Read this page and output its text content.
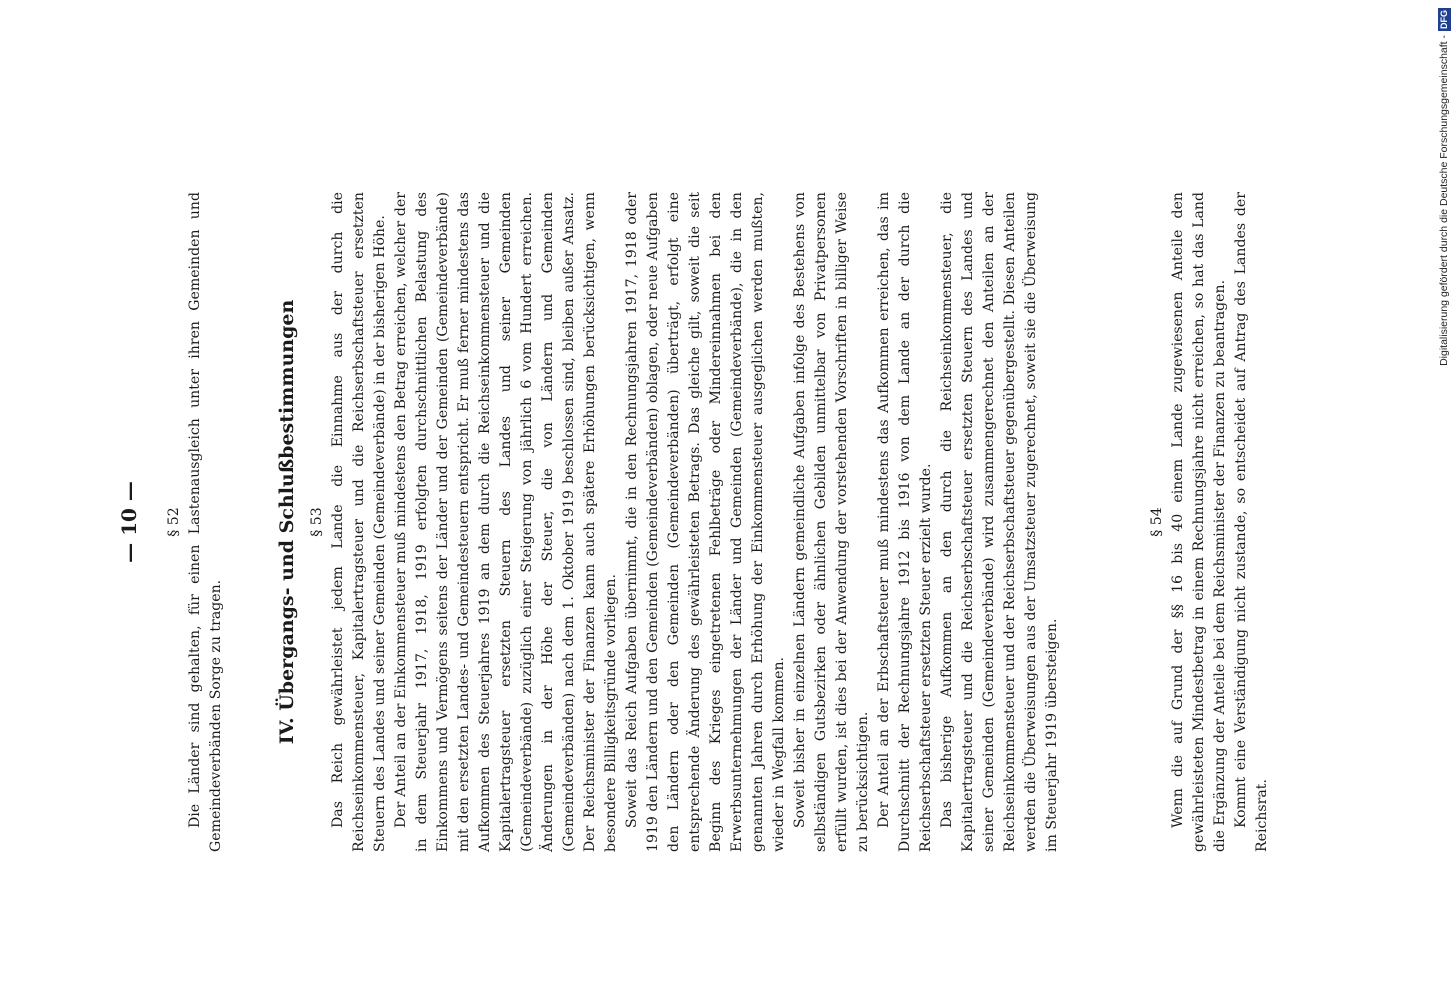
— 10 — § 52 Die Länder sind gehalten, für einen Lastenausgleich unter ihren Gemeinden und Gemeindeverbänden Sorge zu tragen.	IV. Übergangs- und Schlußbestimmungen § 53 Das Reich gewährleistet jedem Lande die Einnahme aus der durch die Reichseinkommensteuer, Kapitalertragsteuer und die Reichserbschaftsteuer ersetzten Steuern des Landes und seiner Gemeinden (Gemeindeverbände) in der bisherigen Höhe. Der Anteil an der Einkommensteuer muß mindestens den Betrag erreichen, welcher der in dem Steuerjahr 1917, 1918, 1919 erfolgten durchschnittlichen Belastung des Einkommens und Vermögens seitens der Länder und der Gemeinden (Gemeindeverbände) mit den ersetzten Landes- und Gemeindesteuern entspricht. Er muß ferner mindestens das Aufkommen des Steuerjahres 1919 an dem durch die Reichseinkommensteuer und die Kapitalertragsteuer ersetzten Steuern des Landes und seiner Gemeinden (Gemeindeverbände) zuzüglich einer Steigerung von jährlich 6 vom Hundert erreichen. Änderungen in der Höhe der Steuer, die von Ländern und Gemeinden (Gemeindeverbänden) nach dem 1. Oktober 1919 beschlossen sind, bleiben außer Ansatz. Der Reichsminister der Finanzen kann auch spätere Erhöhungen berücksichtigen, wenn besondere Billigkeitsgründe vorliegen. Soweit das Reich Aufgaben übernimmt, die in den Rechnungsjahren 1917, 1918 oder 1919 den Ländern und den Gemeinden (Gemeindeverbänden) oblagen, oder neue Aufgaben den Ländern oder den Gemeinden (Gemeindeverbänden) überträgt, erfolgt eine entsprechende Änderung des gewährleisteten Betrags. Das gleiche gilt, soweit die seit Beginn des Krieges eingetretenen Fehlbeträge oder Mindereinnahmen bei den Erwerbsunternehmungen der Länder und Gemeinden (Gemeindeverbände), die in den genannten Jahren durch Erhöhung der Einkommensteuer ausgeglichen werden mußten, wieder in Wegfall kommen. Soweit bisher in einzelnen Ländern gemeindliche Aufgaben infolge des Bestehens von selbständigen Gutsbezirken oder ähnlichen Gebilden unmittelbar von Privatpersonen erfüllt wurden, ist dies bei der Anwendung der vorstehenden Vorschriften in billiger Weise zu berücksichtigen. Der Anteil an der Erbschaftsteuer muß mindestens das Aufkommen erreichen, das im Durchschnitt der Rechnungsjahre 1912 bis 1916 von dem Lande an der durch die Reichserbschaftsteuer ersetzten Steuer erzielt wurde. Das bisherige Aufkommen an den durch die Reichseinkommensteuer, die Kapitalertragsteuer und die Reichserbschaftsteuer ersetzten Steuern des Landes und seiner Gemeinden (Gemeindeverbände) wird zusammengerechnet den Anteilen an der Reichseinkommensteuer und der Reichserbschaftsteuer gegenübergestellt. Diesen Anteilen werden die Überweisungen aus der Umsatzsteuer zugerechnet, soweit sie die Überweisung im Steuerjahr 1919 übersteigen.

§ 54 Wenn die auf Grund der §§ 16 bis 40 einem Lande zugewiesenen Anteile den gewährleisteten Mindestbetrag in einem Rechnungsjahre nicht erreichen, so hat das Land die Ergänzung der Anteile bei dem Reichsminister der Finanzen zu beantragen. Kommt eine Verständigung nicht zustande, so entscheidet auf Antrag des Landes der Reichsrat.

Digitalisierung gefördert durch die Deutsche Forschungsgemeinschaft -
DFG
